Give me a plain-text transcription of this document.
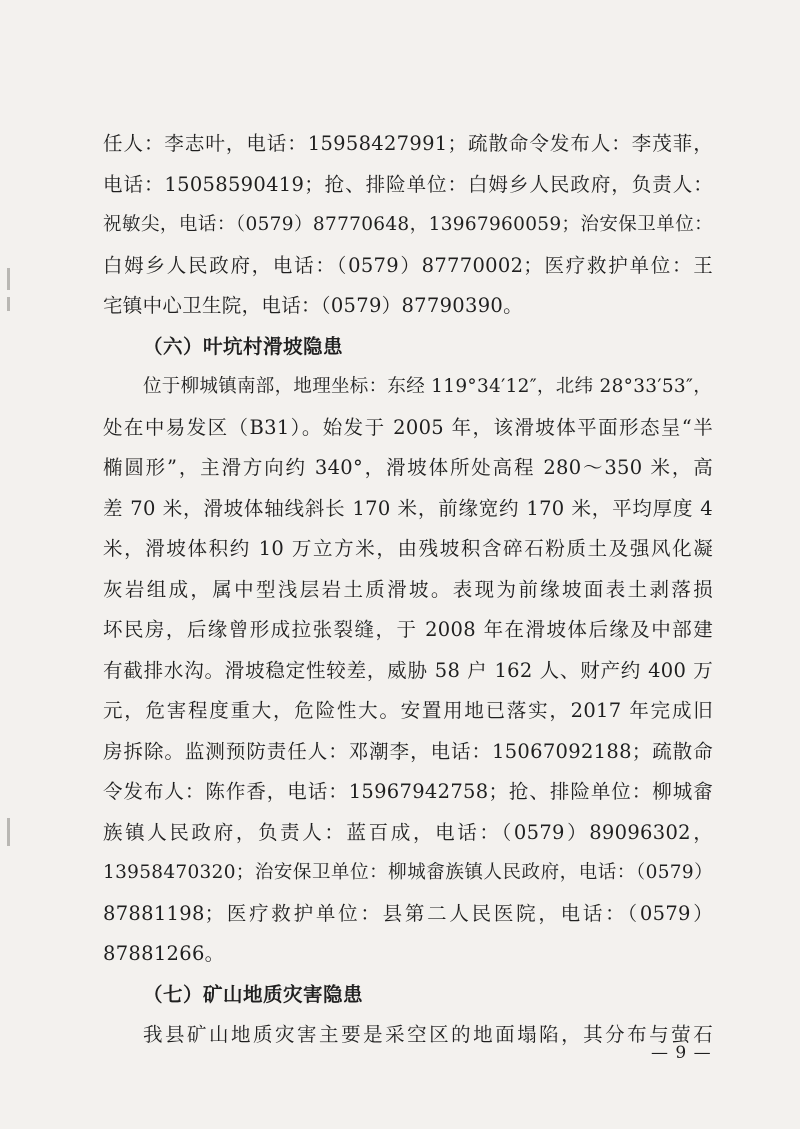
任人：李志叶，电话：15958427991；疏散命令发布人：李茂菲，
电话：15058590419；抢、排险单位：白姆乡人民政府，负责人：
祝敏尖，电话：（0579）87770648，13967960059；治安保卫单位：
白姆乡人民政府，电话：（0579）87770002；医疗救护单位：王
宅镇中心卫生院，电话：（0579）87790390。
（六）叶坑村滑坡隐患
位于柳城镇南部，地理坐标：东经 119°34′12″，北纬 28°33′53″，
处在中易发区（B31）。始发于 2005 年，该滑坡体平面形态呈“半
椭圆形”，主滑方向约 340°，滑坡体所处高程 280～350 米，高
差 70 米，滑坡体轴线斜长 170 米，前缘宽约 170 米，平均厚度 4
米，滑坡体积约 10 万立方米，由残坡积含碎石粉质土及强风化凝
灰岩组成，属中型浅层岩土质滑坡。表现为前缘坡面表土剥落损
坏民房，后缘曾形成拉张裂缝，于 2008 年在滑坡体后缘及中部建
有截排水沟。滑坡稳定性较差，威胁 58 户 162 人、财产约 400 万
元，危害程度重大，危险性大。安置用地已落实，2017 年完成旧
房拆除。监测预防责任人：邓潮李，电话：15067092188；疏散命
令发布人：陈作香，电话：15967942758；抢、排险单位：柳城畲
族镇人民政府，负责人：蓝百成，电话：（0579）89096302，
13958470320；治安保卫单位：柳城畲族镇人民政府，电话：（0579）
87881198；医疗救护单位：县第二人民医院，电话：（0579）
87881266。
（七）矿山地质灾害隐患
我县矿山地质灾害主要是采空区的地面塌陷，其分布与萤石
— 9 —
